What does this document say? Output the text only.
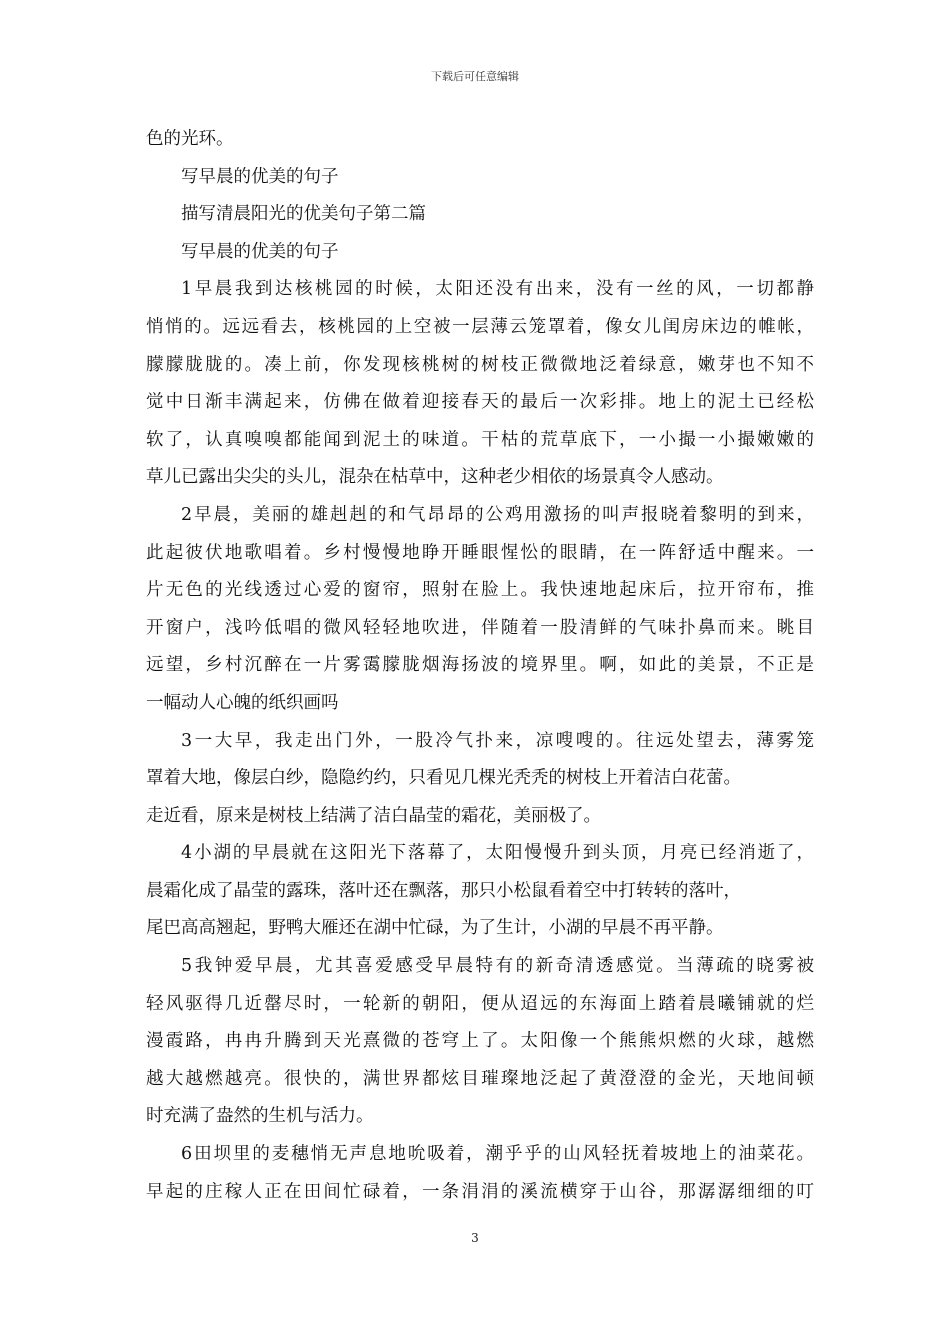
下载后可任意编辑
色的光环。
写早晨的优美的句子
描写清晨阳光的优美句子第二篇
写早晨的优美的句子
1早晨我到达核桃园的时候，太阳还没有出来，没有一丝的风，一切都静
悄悄的。远远看去，核桃园的上空被一层薄云笼罩着，像女儿闺房床边的帷帐，
朦朦胧胧的。凑上前，你发现核桃树的树枝正微微地泛着绿意，嫩芽也不知不
觉中日渐丰满起来，仿佛在做着迎接春天的最后一次彩排。地上的泥土已经松
软了，认真嗅嗅都能闻到泥土的味道。干枯的荒草底下，一小撮一小撮嫩嫩的
草儿已露出尖尖的头儿，混杂在枯草中，这种老少相依的场景真令人感动。
2早晨，美丽的雄赳赳的和气昂昂的公鸡用激扬的叫声报晓着黎明的到来，
此起彼伏地歌唱着。乡村慢慢地睁开睡眼惺忪的眼睛，在一阵舒适中醒来。一
片无色的光线透过心爱的窗帘，照射在脸上。我快速地起床后，拉开帘布，推
开窗户，浅吟低唱的微风轻轻地吹进，伴随着一股清鲜的气味扑鼻而来。眺目
远望，乡村沉醉在一片雾霭朦胧烟海扬波的境界里。啊，如此的美景，不正是
一幅动人心魄的纸织画吗
3一大早，我走出门外，一股冷气扑来，凉嗖嗖的。往远处望去，薄雾笼
罩着大地，像层白纱，隐隐约约，只看见几棵光秃秃的树枝上开着洁白花蕾。
走近看，原来是树枝上结满了洁白晶莹的霜花，美丽极了。
4小湖的早晨就在这阳光下落幕了，太阳慢慢升到头顶，月亮已经消逝了，
晨霜化成了晶莹的露珠，落叶还在飘落，那只小松鼠看着空中打转转的落叶，
尾巴高高翘起，野鸭大雁还在湖中忙碌，为了生计，小湖的早晨不再平静。
5我钟爱早晨，尤其喜爱感受早晨特有的新奇清透感觉。当薄疏的晓雾被
轻风驱得几近罄尽时，一轮新的朝阳，便从迢远的东海面上踏着晨曦铺就的烂
漫霞路，冉冉升腾到天光熹微的苍穹上了。太阳像一个熊熊炽燃的火球，越燃
越大越燃越亮。很快的，满世界都炫目璀璨地泛起了黄澄澄的金光，天地间顿
时充满了盎然的生机与活力。
6田坝里的麦穗悄无声息地吮吸着，潮乎乎的山风轻抚着坡地上的油菜花。
早起的庄稼人正在田间忙碌着，一条涓涓的溪流横穿于山谷，那潺潺细细的叮
3
